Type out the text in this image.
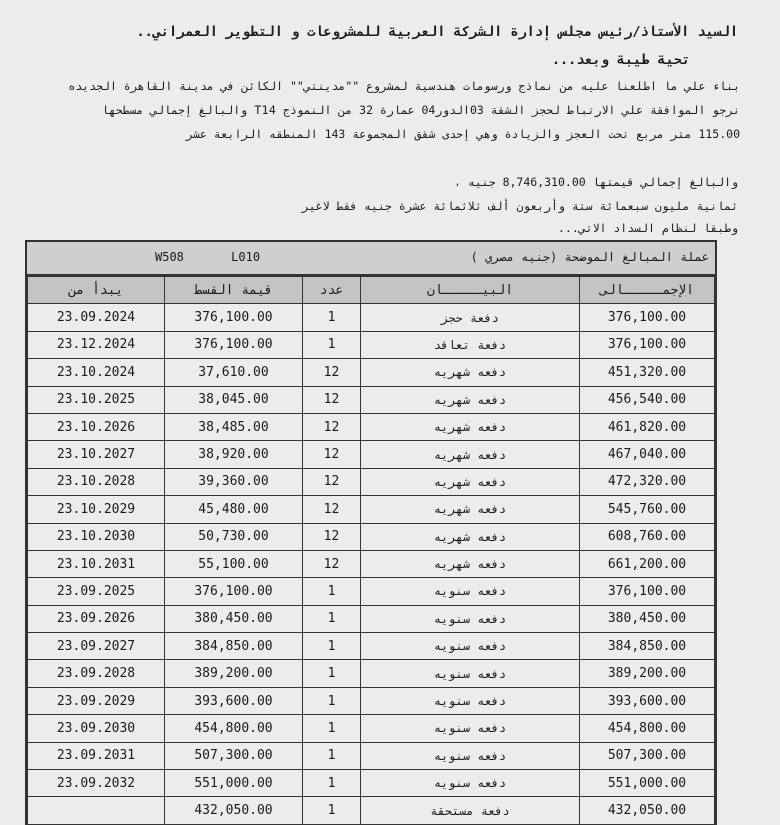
السيد الأستاذ/رئيس مجلس إدارة الشركة العربية للمشروعات و التطوير العمراني..
تحية طيبة وبعد...
بناء علي ما اطلعنا عليه من نماذج ورسومات هندسية لمشروع ""مدينتي"" الكائن في مدينة القاهرة الجديده
نرجو الموافقة علي الارتباط لحجز الشقة 03الدور04 عمارة 32 من النموذج T14 والبالغ إجمالي مسطحها
115.00 متر مربع تحت العجز والزيادة وهي إحدى شقق المجموعة 143 المنطقه الرابعة عشر
والبالغ إجمالي قيمتها 8,746,310.00 جنيه ،
ثمانية مليون سبعمائة ستة وأربعون ألف ثلاثمائة عشرة جنيه فقط لاغير
وطبقا لنظام السداد الاتي...
عملة المبالغ الموضحة (جنيه مصري )
W508	L010
يبدأ من	قيمة القسط	عدد	البيـــــان	الإجمـــــالى
23.09.2024	376,100.00	1	دفعة حجز	376,100.00
23.12.2024	376,100.00	1	دفعة تعاقد	376,100.00
23.10.2024	37,610.00	12	دفعه شهريه	451,320.00
23.10.2025	38,045.00	12	دفعه شهريه	456,540.00
23.10.2026	38,485.00	12	دفعه شهريه	461,820.00
23.10.2027	38,920.00	12	دفعه شهريه	467,040.00
23.10.2028	39,360.00	12	دفعه شهريه	472,320.00
23.10.2029	45,480.00	12	دفعه شهريه	545,760.00
23.10.2030	50,730.00	12	دفعه شهريه	608,760.00
23.10.2031	55,100.00	12	دفعه شهريه	661,200.00
23.09.2025	376,100.00	1	دفعه سنويه	376,100.00
23.09.2026	380,450.00	1	دفعه سنويه	380,450.00
23.09.2027	384,850.00	1	دفعه سنويه	384,850.00
23.09.2028	389,200.00	1	دفعه سنويه	389,200.00
23.09.2029	393,600.00	1	دفعه سنويه	393,600.00
23.09.2030	454,800.00	1	دفعه سنويه	454,800.00
23.09.2031	507,300.00	1	دفعه سنويه	507,300.00
23.09.2032	551,000.00	1	دفعه سنويه	551,000.00
	432,050.00	1	دفعة مستحقة	432,050.00
